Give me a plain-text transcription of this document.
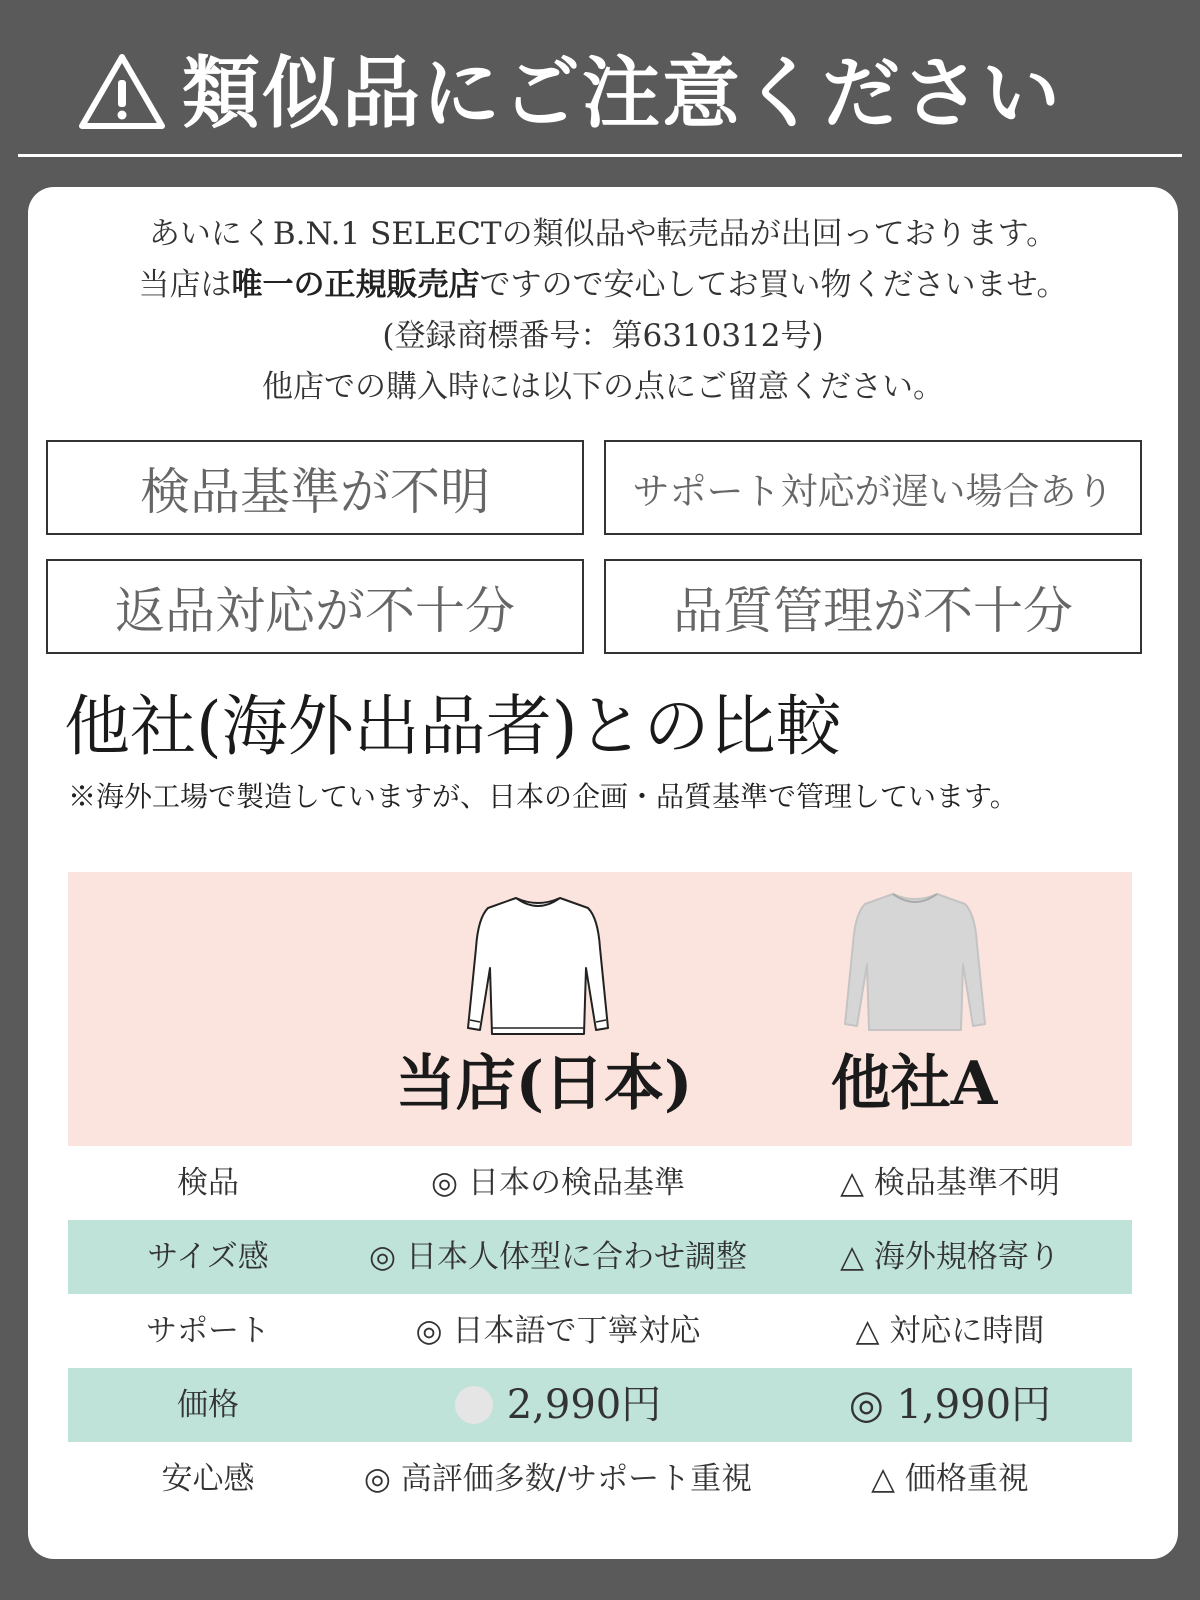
類似品にご注意ください
あいにくB.N.1 SELECTの類似品や転売品が出回っております。
当店は唯一の正規販売店ですので安心してお買い物くださいませ。
(登録商標番号：第6310312号)
他店での購入時には以下の点にご留意ください。
検品基準が不明	サポート対応が遅い場合あり
返品対応が不十分	品質管理が不十分
他社(海外出品者)との比較
※海外工場で製造していますが、日本の企画・品質基準で管理しています。
当店(日本)	他社A
検品	◎ 日本の検品基準	△ 検品基準不明
サイズ感	◎ 日本人体型に合わせ調整	△ 海外規格寄り
サポート	◎ 日本語で丁寧対応	△ 対応に時間
価格	2,990円	◎ 1,990円
安心感	◎ 高評価多数/サポート重視	△ 価格重視
